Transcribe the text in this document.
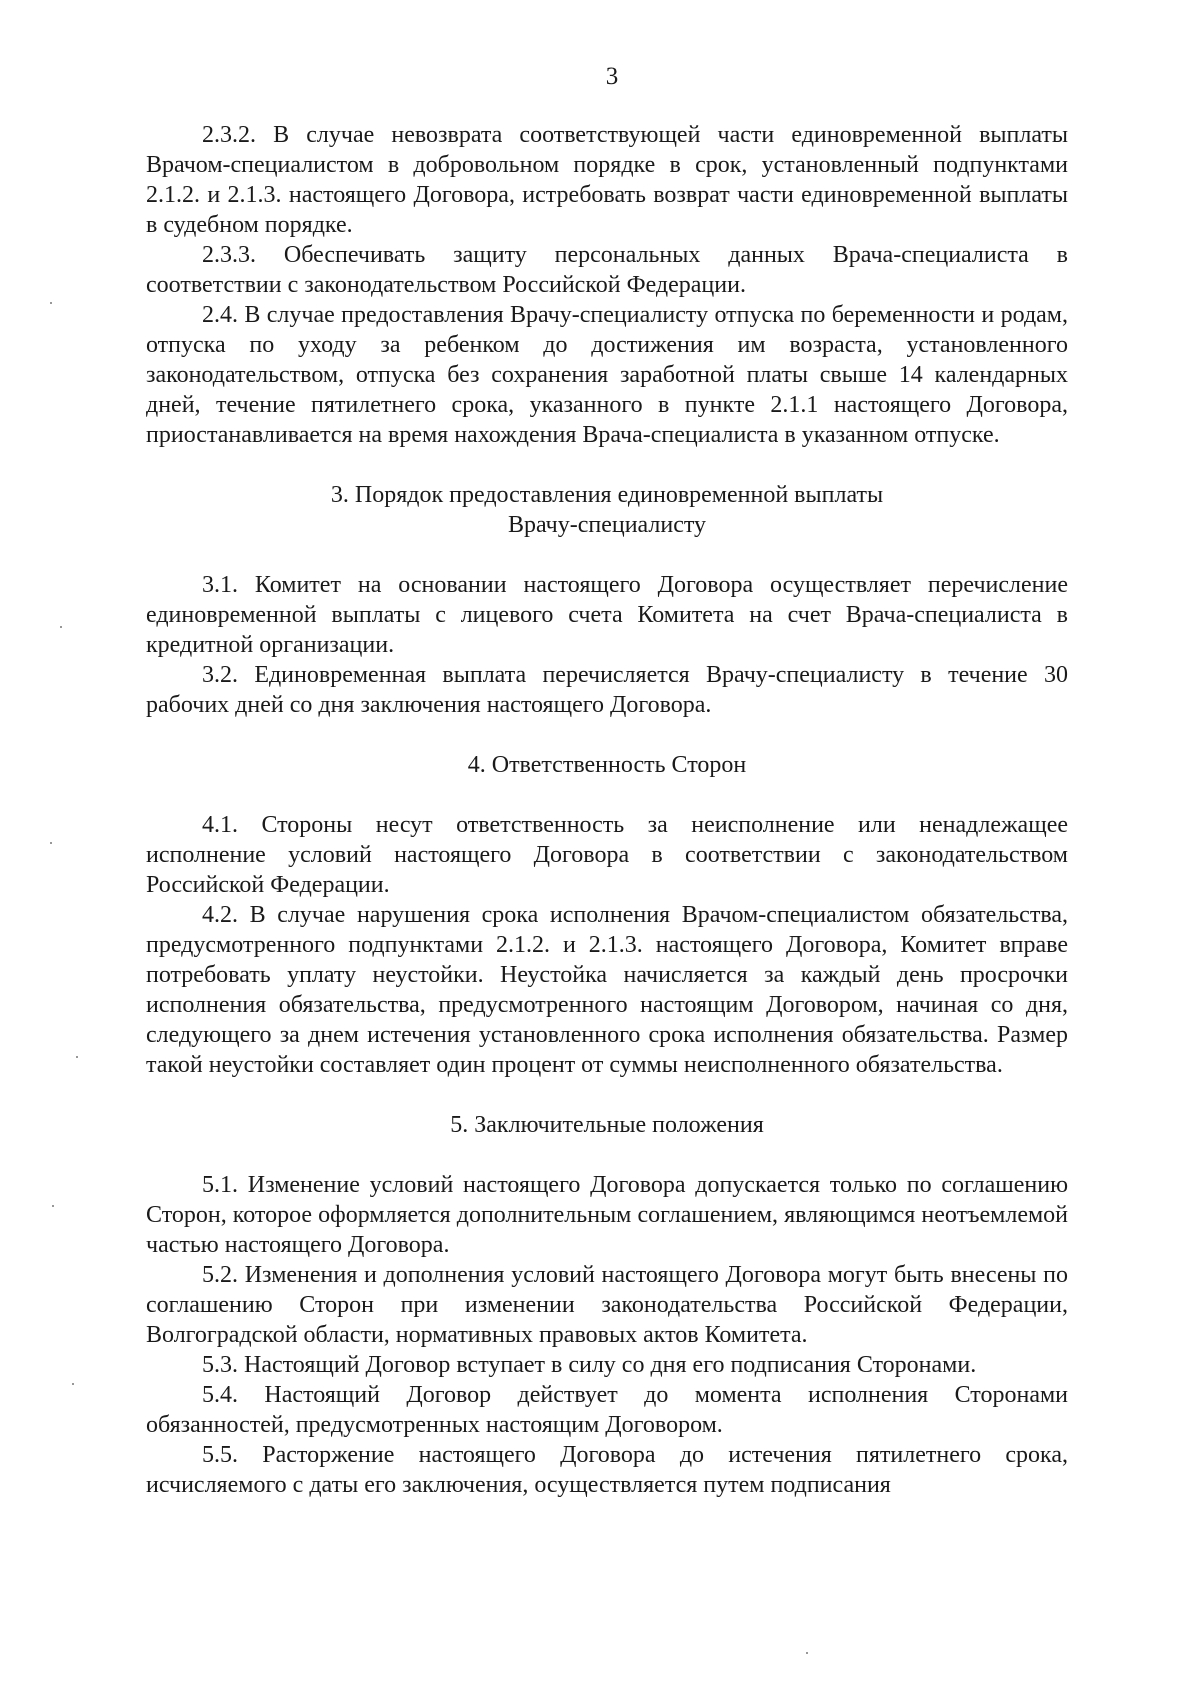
3

2.3.2. В случае невозврата соответствующей части единовременной выплаты Врачом-специалистом в добровольном порядке в срок, установленный подпунктами 2.1.2. и 2.1.3. настоящего Договора, истребовать возврат части единовременной выплаты в судебном порядке.

2.3.3. Обеспечивать защиту персональных данных Врача-специалиста в соответствии с законодательством Российской Федерации.

2.4. В случае предоставления Врачу-специалисту отпуска по беременности и родам, отпуска по уходу за ребенком до достижения им возраста, установленного законодательством, отпуска без сохранения заработной платы свыше 14 календарных дней, течение пятилетнего срока, указанного в пункте 2.1.1 настоящего Договора, приостанавливается на время нахождения Врача-специалиста в указанном отпуске.

3. Порядок предоставления единовременной выплаты
Врачу-специалисту

3.1. Комитет на основании настоящего Договора осуществляет перечисление единовременной выплаты с лицевого счета Комитета на счет Врача-специалиста в кредитной организации.

3.2. Единовременная выплата перечисляется Врачу-специалисту в течение 30 рабочих дней со дня заключения настоящего Договора.

4. Ответственность Сторон

4.1. Стороны несут ответственность за неисполнение или ненадлежащее исполнение условий настоящего Договора в соответствии с законодательством Российской Федерации.

4.2. В случае нарушения срока исполнения Врачом-специалистом обязательства, предусмотренного подпунктами 2.1.2. и 2.1.3. настоящего Договора, Комитет вправе потребовать уплату неустойки. Неустойка начисляется за каждый день просрочки исполнения обязательства, предусмотренного настоящим Договором, начиная со дня, следующего за днем истечения установленного срока исполнения обязательства. Размер такой неустойки составляет один процент от суммы неисполненного обязательства.

5. Заключительные положения

5.1. Изменение условий настоящего Договора допускается только по соглашению Сторон, которое оформляется дополнительным соглашением, являющимся неотъемлемой частью настоящего Договора.

5.2. Изменения и дополнения условий настоящего Договора могут быть внесены по соглашению Сторон при изменении законодательства Российской Федерации, Волгоградской области, нормативных правовых актов Комитета.

5.3. Настоящий Договор вступает в силу со дня его подписания Сторонами.

5.4. Настоящий Договор действует до момента исполнения Сторонами обязанностей, предусмотренных настоящим Договором.

5.5. Расторжение настоящего Договора до истечения пятилетнего срока, исчисляемого с даты его заключения, осуществляется путем подписания
